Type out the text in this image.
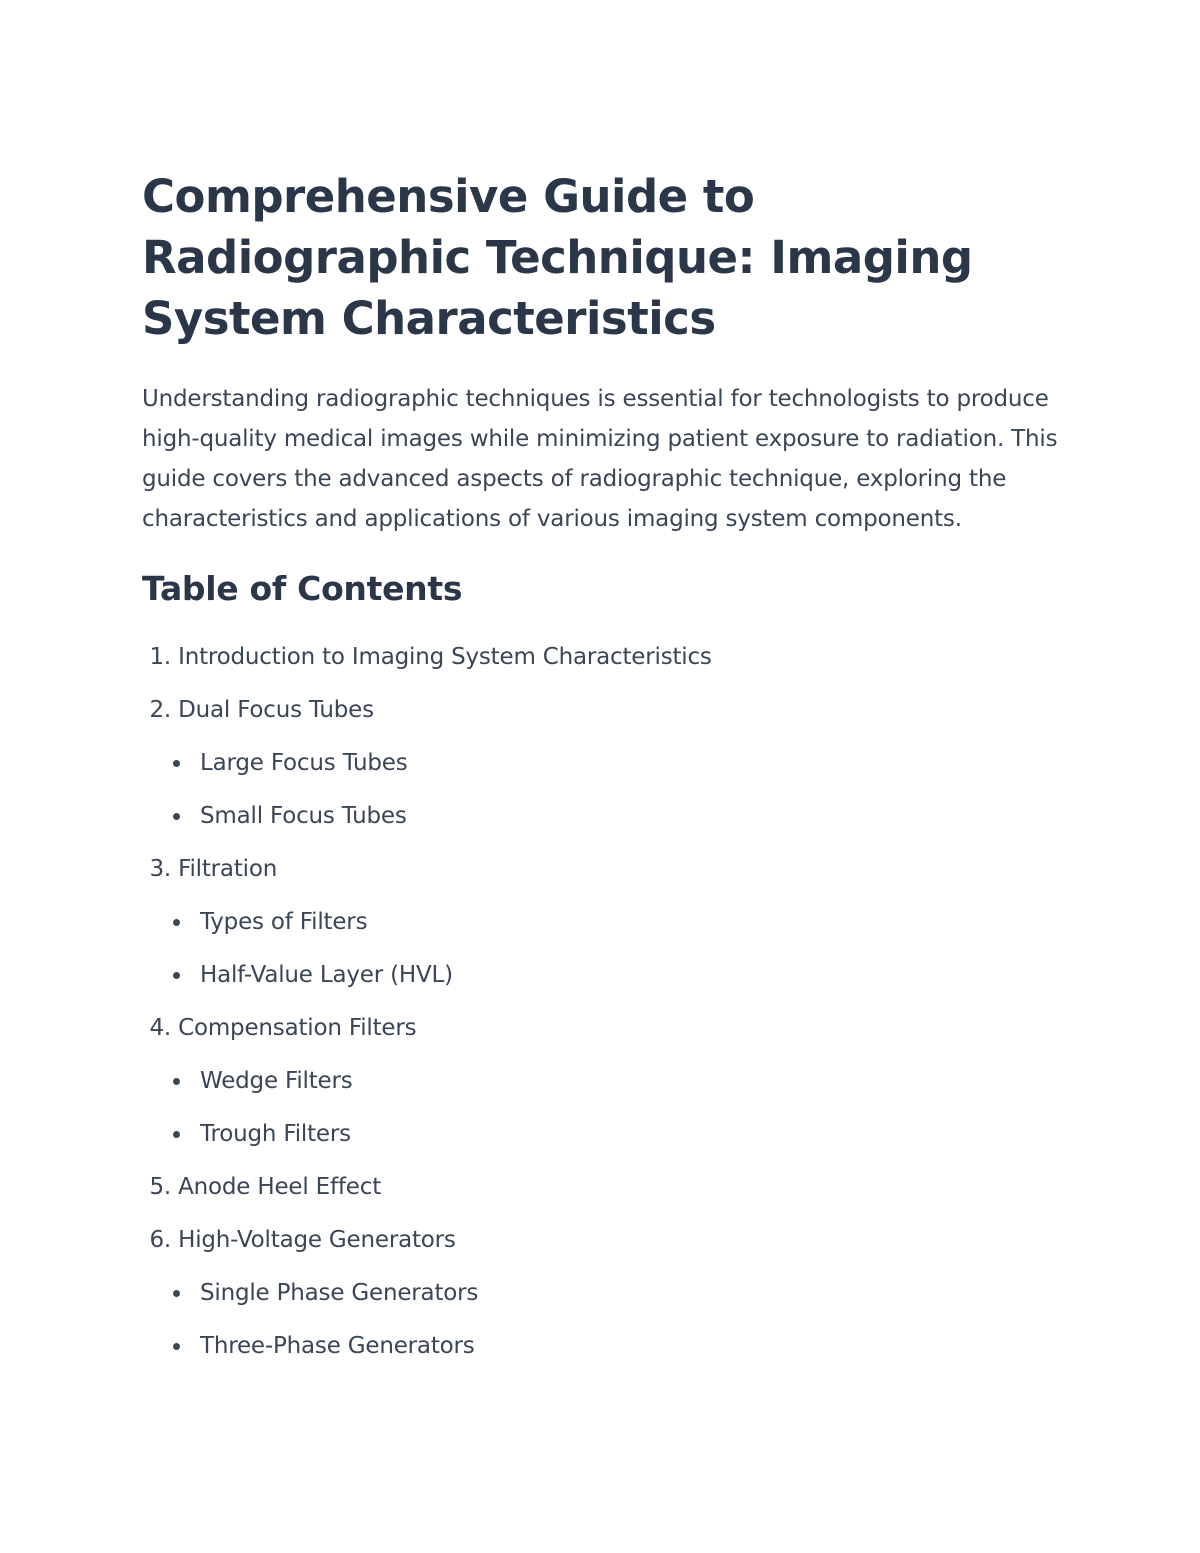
Comprehensive Guide to Radiographic Technique: Imaging System Characteristics

Understanding radiographic techniques is essential for technologists to produce high-quality medical images while minimizing patient exposure to radiation. This guide covers the advanced aspects of radiographic technique, exploring the characteristics and applications of various imaging system components.

Table of Contents
1. Introduction to Imaging System Characteristics
2. Dual Focus Tubes
Large Focus Tubes
Small Focus Tubes
3. Filtration
Types of Filters
Half-Value Layer (HVL)
4. Compensation Filters
Wedge Filters
Trough Filters
5. Anode Heel Effect
6. High-Voltage Generators
Single Phase Generators
Three-Phase Generators
